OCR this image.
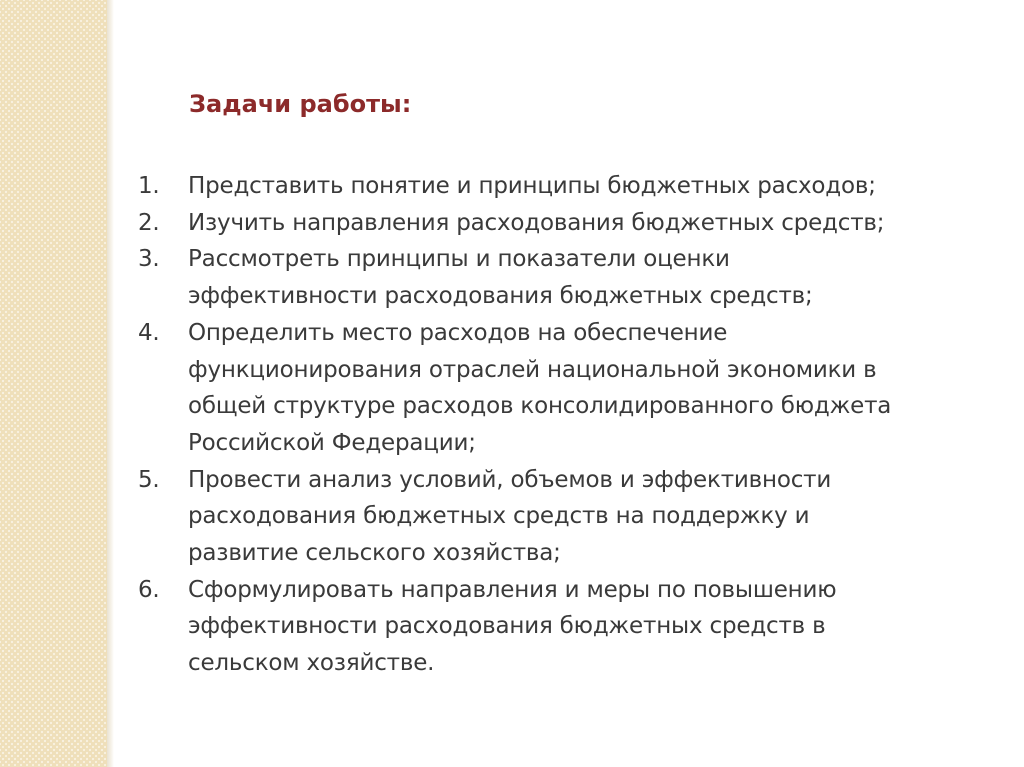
Задачи работы:
1.	Представить понятие и принципы бюджетных расходов;
2.	Изучить направления расходования бюджетных средств;
3.	Рассмотреть принципы и показатели оценки
эффективности расходования бюджетных средств;
4.	Определить место расходов на обеспечение
функционирования отраслей национальной экономики в
общей структуре расходов консолидированного бюджета
Российской Федерации;
5.	Провести анализ условий, объемов и эффективности
расходования бюджетных средств на поддержку и
развитие сельского хозяйства;
6.	Сформулировать направления и меры по повышению
эффективности расходования бюджетных средств в
сельском хозяйстве.
